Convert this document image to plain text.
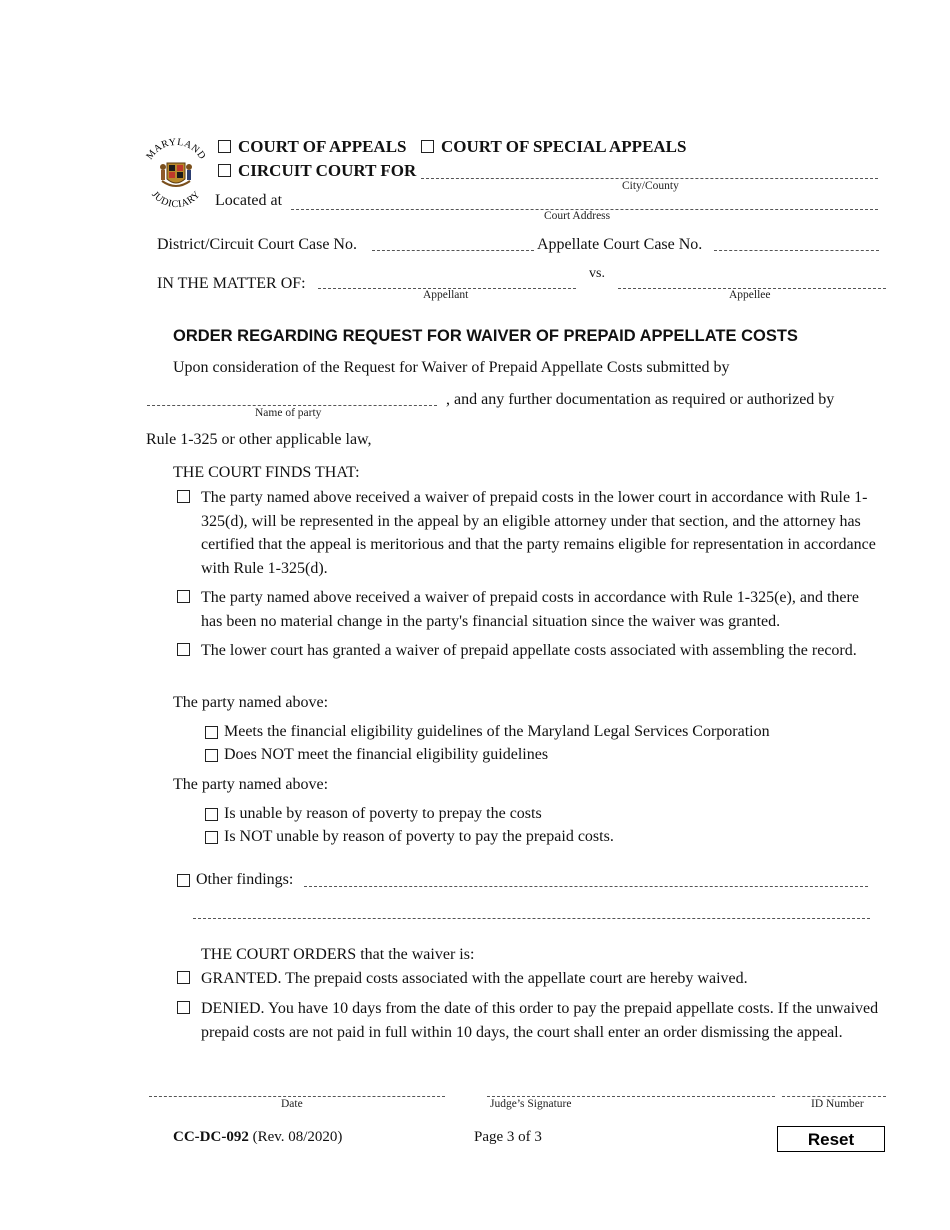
MARYLAND
JUDICIARY
COURT OF APPEALS COURT OF SPECIAL APPEALS
CIRCUIT COURT FOR
City/County
Located at
Court Address
District/Circuit Court Case No.	Appellate Court Case No.
IN THE MATTER OF:
Appellant
vs.
Appellee
ORDER REGARDING REQUEST FOR WAIVER OF PREPAID APPELLATE COSTS
Upon consideration of the Request for Waiver of Prepaid Appellate Costs submitted by
Name of party
, and any further documentation as required or authorized by
Rule 1-325 or other applicable law,
THE COURT FINDS THAT:
The party named above received a waiver of prepaid costs in the lower court in accordance with Rule 1-325(d), will be represented in the appeal by an eligible attorney under that section, and the attorney has certified that the appeal is meritorious and that the party remains eligible for representation in accordance with Rule 1-325(d).
The party named above received a waiver of prepaid costs in accordance with Rule 1-325(e), and there has been no material change in the party's financial situation since the waiver was granted.
The lower court has granted a waiver of prepaid appellate costs associated with assembling the record.
The party named above:
Meets the financial eligibility guidelines of the Maryland Legal Services Corporation
Does NOT meet the financial eligibility guidelines
The party named above:
Is unable by reason of poverty to prepay the costs
Is NOT unable by reason of poverty to pay the prepaid costs.
Other findings:
THE COURT ORDERS that the waiver is:
GRANTED. The prepaid costs associated with the appellate court are hereby waived.
DENIED. You have 10 days from the date of this order to pay the prepaid appellate costs. If the unwaived prepaid costs are not paid in full within 10 days, the court shall enter an order dismissing the appeal.
Date	Judge’s Signature	ID Number
CC-DC-092 (Rev. 08/2020)	Page 3 of 3	Reset
